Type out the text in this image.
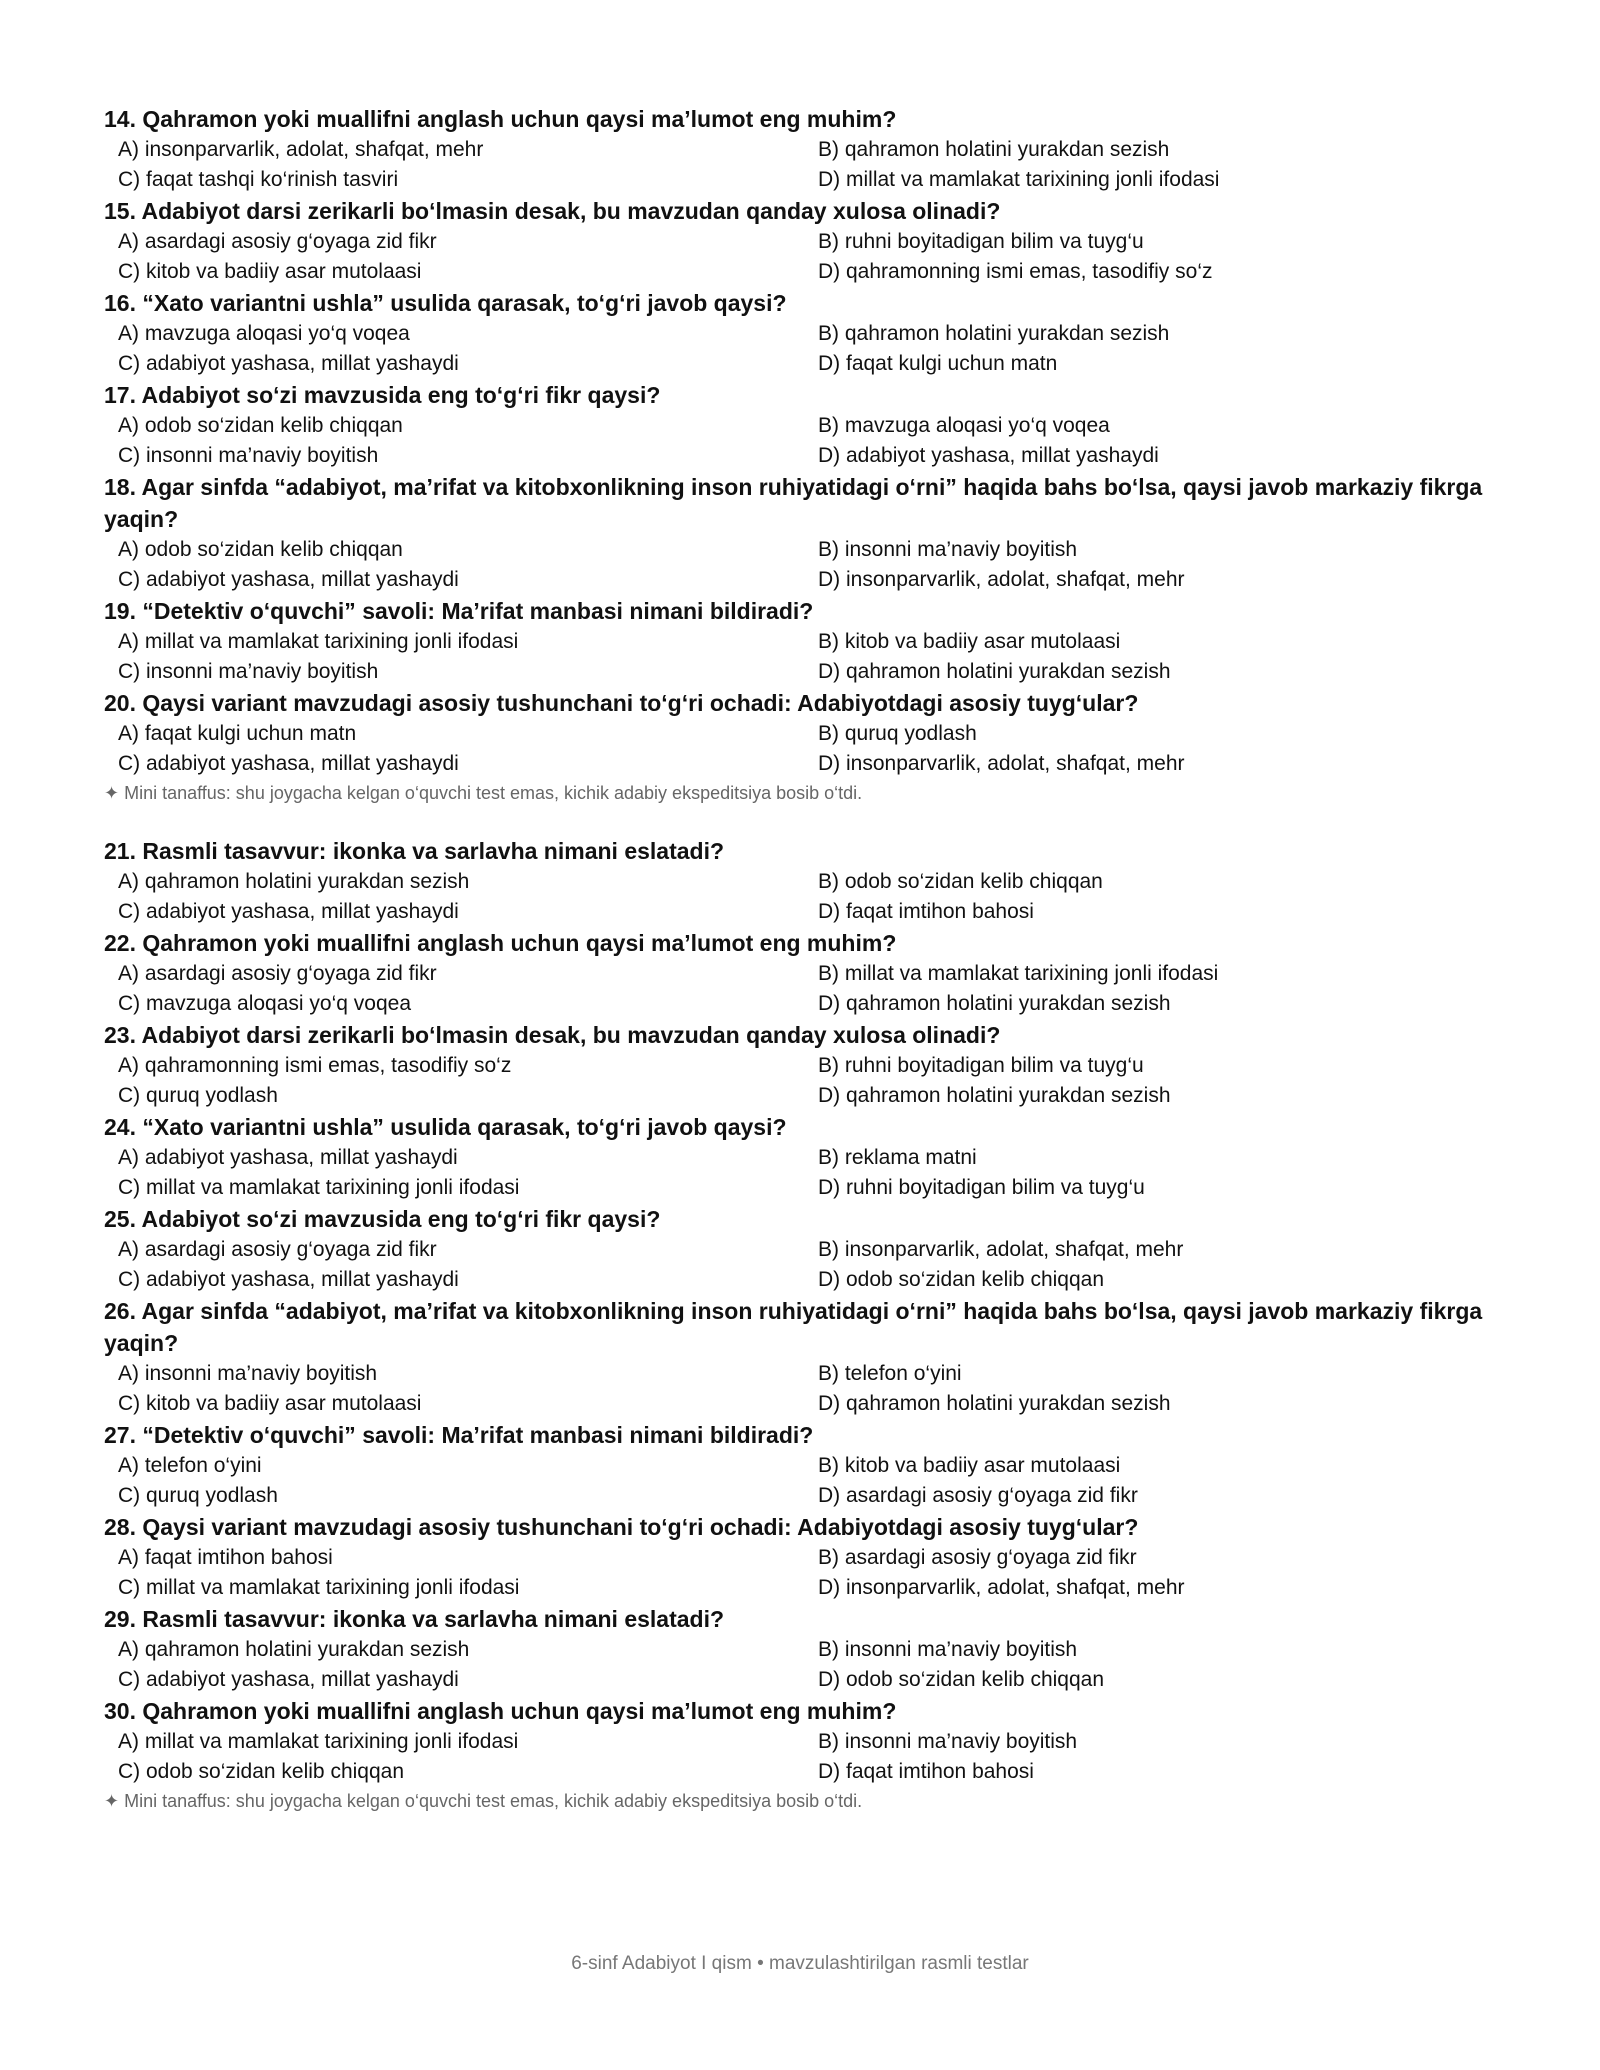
14. Qahramon yoki muallifni anglash uchun qaysi ma’lumot eng muhim?
A) insonparvarlik, adolat, shafqat, mehr	B) qahramon holatini yurakdan sezish
C) faqat tashqi ko‘rinish tasviri	D) millat va mamlakat tarixining jonli ifodasi
15. Adabiyot darsi zerikarli bo‘lmasin desak, bu mavzudan qanday xulosa olinadi?
A) asardagi asosiy g‘oyaga zid fikr	B) ruhni boyitadigan bilim va tuyg‘u
C) kitob va badiiy asar mutolaasi	D) qahramonning ismi emas, tasodifiy so‘z
16. “Xato variantni ushla” usulida qarasak, to‘g‘ri javob qaysi?
A) mavzuga aloqasi yo‘q voqea	B) qahramon holatini yurakdan sezish
C) adabiyot yashasa, millat yashaydi	D) faqat kulgi uchun matn
17. Adabiyot so‘zi mavzusida eng to‘g‘ri fikr qaysi?
A) odob so‘zidan kelib chiqqan	B) mavzuga aloqasi yo‘q voqea
C) insonni ma’naviy boyitish	D) adabiyot yashasa, millat yashaydi
18. Agar sinfda “adabiyot, ma’rifat va kitobxonlikning inson ruhiyatidagi o‘rni” haqida bahs bo‘lsa, qaysi javob markaziy fikrga yaqin?
A) odob so‘zidan kelib chiqqan	B) insonni ma’naviy boyitish
C) adabiyot yashasa, millat yashaydi	D) insonparvarlik, adolat, shafqat, mehr
19. “Detektiv o‘quvchi” savoli: Ma’rifat manbasi nimani bildiradi?
A) millat va mamlakat tarixining jonli ifodasi	B) kitob va badiiy asar mutolaasi
C) insonni ma’naviy boyitish	D) qahramon holatini yurakdan sezish
20. Qaysi variant mavzudagi asosiy tushunchani to‘g‘ri ochadi: Adabiyotdagi asosiy tuyg‘ular?
A) faqat kulgi uchun matn	B) quruq yodlash
C) adabiyot yashasa, millat yashaydi	D) insonparvarlik, adolat, shafqat, mehr
✦ Mini tanaffus: shu joygacha kelgan o‘quvchi test emas, kichik adabiy ekspeditsiya bosib o‘tdi.
21. Rasmli tasavvur: ikonka va sarlavha nimani eslatadi?
A) qahramon holatini yurakdan sezish	B) odob so‘zidan kelib chiqqan
C) adabiyot yashasa, millat yashaydi	D) faqat imtihon bahosi
22. Qahramon yoki muallifni anglash uchun qaysi ma’lumot eng muhim?
A) asardagi asosiy g‘oyaga zid fikr	B) millat va mamlakat tarixining jonli ifodasi
C) mavzuga aloqasi yo‘q voqea	D) qahramon holatini yurakdan sezish
23. Adabiyot darsi zerikarli bo‘lmasin desak, bu mavzudan qanday xulosa olinadi?
A) qahramonning ismi emas, tasodifiy so‘z	B) ruhni boyitadigan bilim va tuyg‘u
C) quruq yodlash	D) qahramon holatini yurakdan sezish
24. “Xato variantni ushla” usulida qarasak, to‘g‘ri javob qaysi?
A) adabiyot yashasa, millat yashaydi	B) reklama matni
C) millat va mamlakat tarixining jonli ifodasi	D) ruhni boyitadigan bilim va tuyg‘u
25. Adabiyot so‘zi mavzusida eng to‘g‘ri fikr qaysi?
A) asardagi asosiy g‘oyaga zid fikr	B) insonparvarlik, adolat, shafqat, mehr
C) adabiyot yashasa, millat yashaydi	D) odob so‘zidan kelib chiqqan
26. Agar sinfda “adabiyot, ma’rifat va kitobxonlikning inson ruhiyatidagi o‘rni” haqida bahs bo‘lsa, qaysi javob markaziy fikrga yaqin?
A) insonni ma’naviy boyitish	B) telefon o‘yini
C) kitob va badiiy asar mutolaasi	D) qahramon holatini yurakdan sezish
27. “Detektiv o‘quvchi” savoli: Ma’rifat manbasi nimani bildiradi?
A) telefon o‘yini	B) kitob va badiiy asar mutolaasi
C) quruq yodlash	D) asardagi asosiy g‘oyaga zid fikr
28. Qaysi variant mavzudagi asosiy tushunchani to‘g‘ri ochadi: Adabiyotdagi asosiy tuyg‘ular?
A) faqat imtihon bahosi	B) asardagi asosiy g‘oyaga zid fikr
C) millat va mamlakat tarixining jonli ifodasi	D) insonparvarlik, adolat, shafqat, mehr
29. Rasmli tasavvur: ikonka va sarlavha nimani eslatadi?
A) qahramon holatini yurakdan sezish	B) insonni ma’naviy boyitish
C) adabiyot yashasa, millat yashaydi	D) odob so‘zidan kelib chiqqan
30. Qahramon yoki muallifni anglash uchun qaysi ma’lumot eng muhim?
A) millat va mamlakat tarixining jonli ifodasi	B) insonni ma’naviy boyitish
C) odob so‘zidan kelib chiqqan	D) faqat imtihon bahosi
✦ Mini tanaffus: shu joygacha kelgan o‘quvchi test emas, kichik adabiy ekspeditsiya bosib o‘tdi.
6-sinf Adabiyot I qism • mavzulashtirilgan rasmli testlar
